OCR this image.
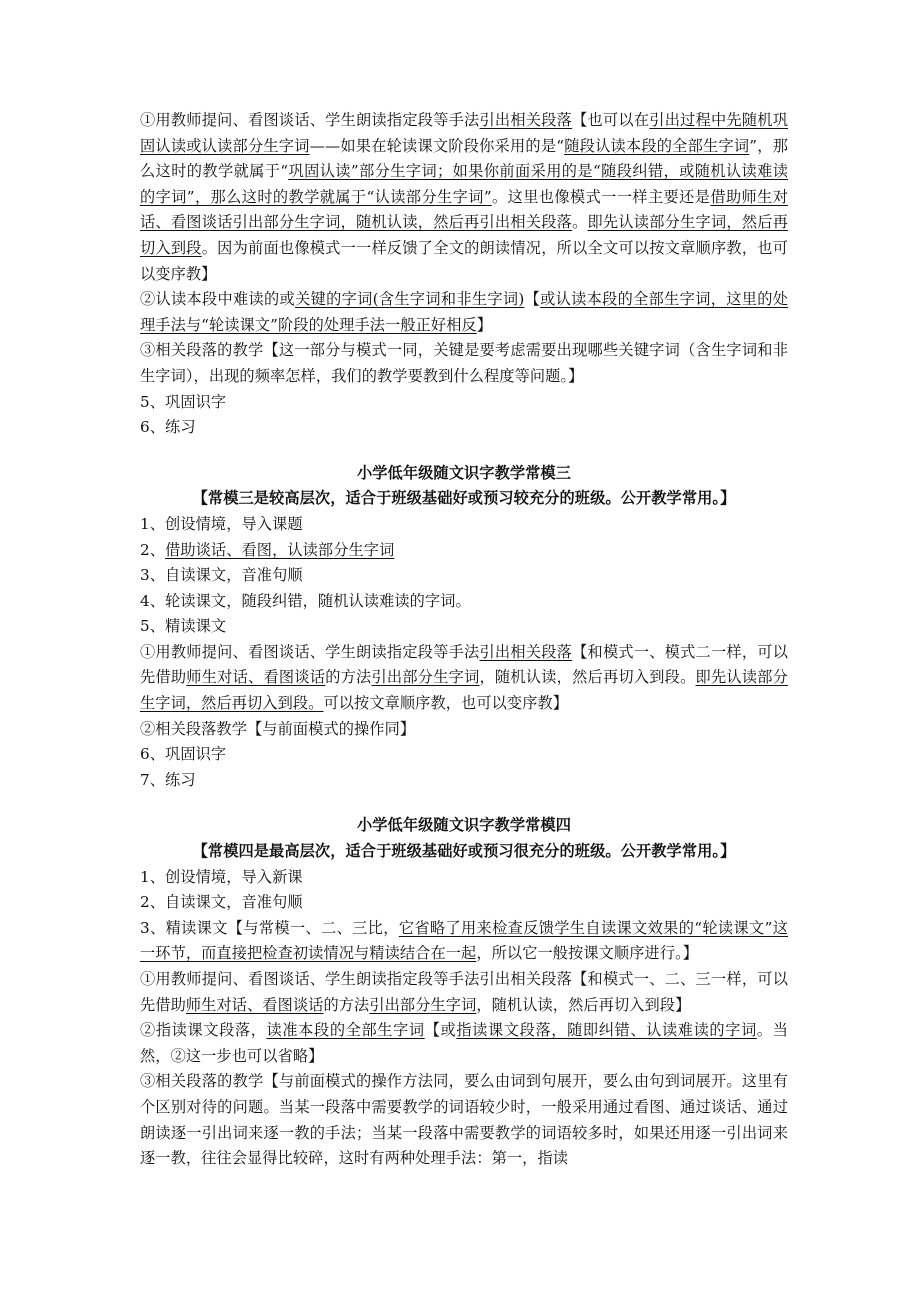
①用教师提问、看图谈话、学生朗读指定段等手法引出相关段落【也可以在引出过程中先随机巩固认读或认读部分生字词——如果在轮读课文阶段你采用的是“随段认读本段的全部生字词”，那么这时的教学就属于“巩固认读”部分生字词；如果你前面采用的是“随段纠错，或随机认读难读的字词”，那么这时的教学就属于“认读部分生字词”。这里也像模式一一样主要还是借助师生对话、看图谈话引出部分生字词，随机认读，然后再引出相关段落。即先认读部分生字词，然后再切入到段。因为前面也像模式一一样反馈了全文的朗读情况，所以全文可以按文章顺序教，也可以变序教】

②认读本段中难读的或关键的字词(含生字词和非生字词)【或认读本段的全部生字词，这里的处理手法与“轮读课文”阶段的处理手法一般正好相反】

③相关段落的教学【这一部分与模式一同，关键是要考虑需要出现哪些关键字词（含生字词和非生字词），出现的频率怎样，我们的教学要教到什么程度等问题。】

5、巩固识字

6、练习

小学低年级随文识字教学常模三

【常模三是较高层次，适合于班级基础好或预习较充分的班级。公开教学常用。】

1、创设情境，导入课题

2、借助谈话、看图，认读部分生字词

3、自读课文，音准句顺

4、轮读课文，随段纠错，随机认读难读的字词。

5、精读课文

①用教师提问、看图谈话、学生朗读指定段等手法引出相关段落【和模式一、模式二一样，可以先借助师生对话、看图谈话的方法引出部分生字词，随机认读，然后再切入到段。即先认读部分生字词，然后再切入到段。可以按文章顺序教，也可以变序教】

②相关段落教学【与前面模式的操作同】

6、巩固识字

7、练习

小学低年级随文识字教学常模四

【常模四是最高层次，适合于班级基础好或预习很充分的班级。公开教学常用。】

1、创设情境，导入新课

2、自读课文，音准句顺

3、精读课文【与常模一、二、三比，它省略了用来检查反馈学生自读课文效果的“轮读课文”这一环节，而直接把检查初读情况与精读结合在一起，所以它一般按课文顺序进行。】

①用教师提问、看图谈话、学生朗读指定段等手法引出相关段落【和模式一、二、三一样，可以先借助师生对话、看图谈话的方法引出部分生字词，随机认读，然后再切入到段】

②指读课文段落，读准本段的全部生字词【或指读课文段落，随即纠错、认读难读的字词。当然，②这一步也可以省略】

③相关段落的教学【与前面模式的操作方法同，要么由词到句展开，要么由句到词展开。这里有个区别对待的问题。当某一段落中需要教学的词语较少时，一般采用通过看图、通过谈话、通过朗读逐一引出词来逐一教的手法；当某一段落中需要教学的词语较多时，如果还用逐一引出词来逐一教，往往会显得比较碎，这时有两种处理手法：第一，指读
